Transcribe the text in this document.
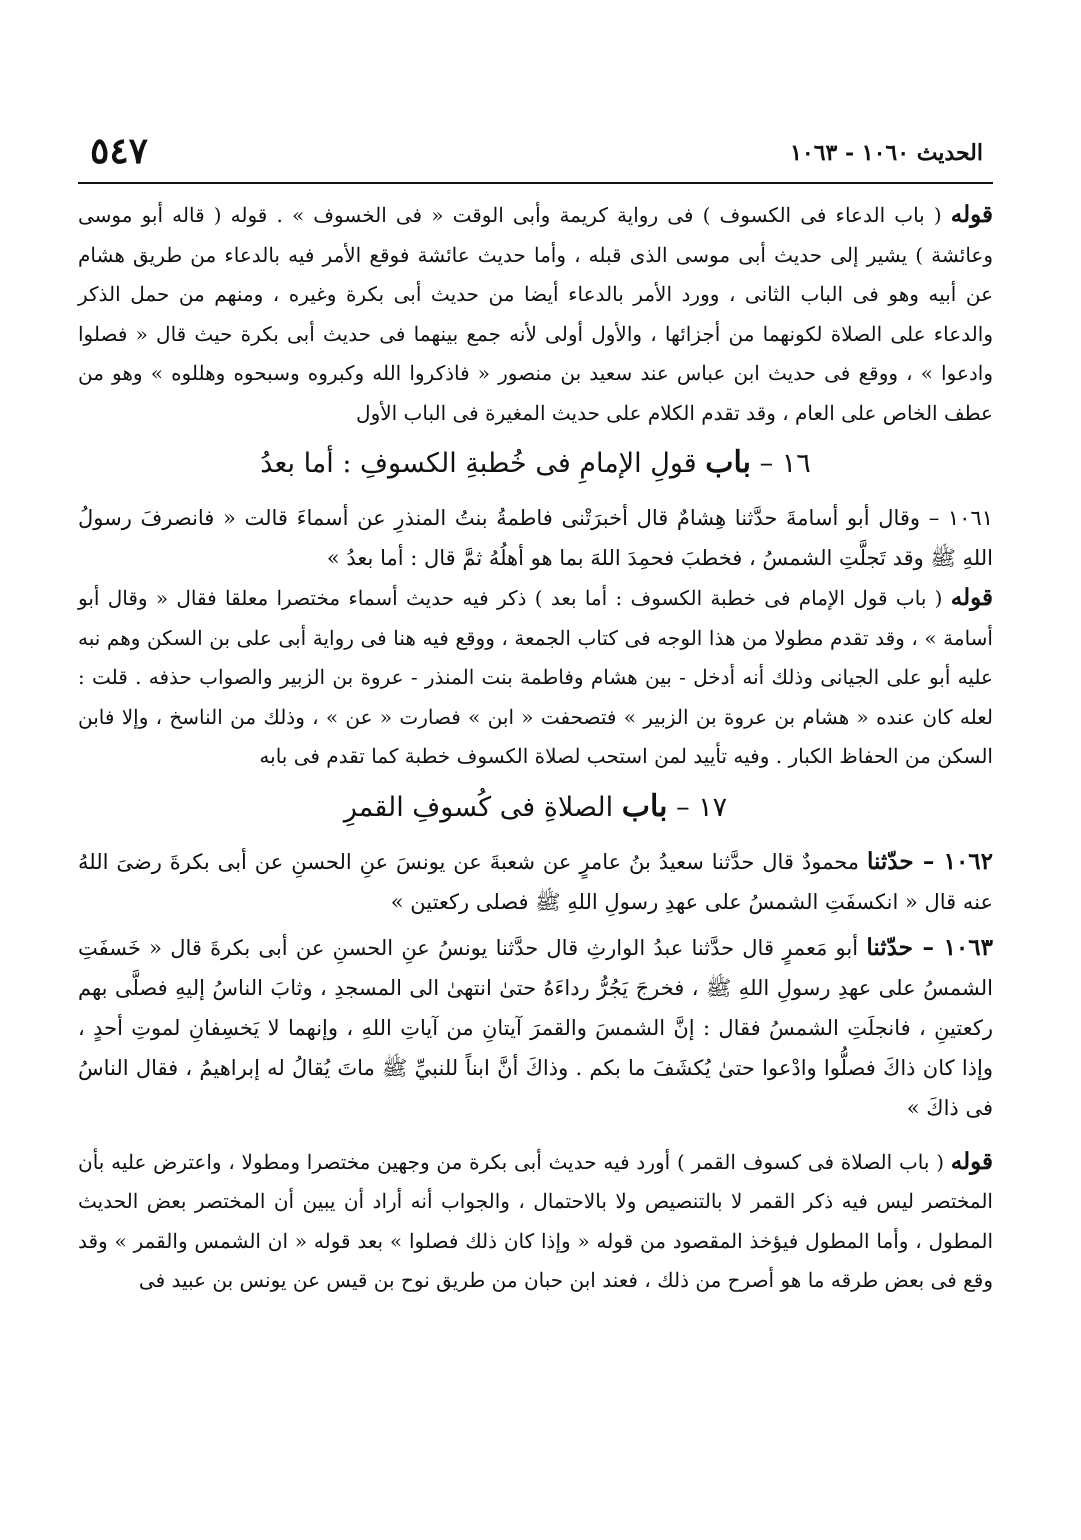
الحديث ١٠٦٠ - ١٠٦٣
٥٤٧

قوله ( باب الدعاء فى الكسوف ) فى رواية كريمة وأبى الوقت « فى الخسوف » . قوله ( قاله أبو موسى وعائشة ) يشير إلى حديث أبى موسى الذى قبله ، وأما حديث عائشة فوقع الأمر فيه بالدعاء من طريق هشام عن أبيه وهو فى الباب الثانى ، وورد الأمر بالدعاء أيضا من حديث أبى بكرة وغيره ، ومنهم من حمل الذكر والدعاء على الصلاة لكونهما من أجزائها ، والأول أولى لأنه جمع بينهما فى حديث أبى بكرة حيث قال « فصلوا وادعوا » ، ووقع فى حديث ابن عباس عند سعيد بن منصور « فاذكروا الله وكبروه وسبحوه وهللوه » وهو من عطف الخاص على العام ، وقد تقدم الكلام على حديث المغيرة فى الباب الأول

١٦ – باب قولِ الإمامِ فى خُطبةِ الكسوفِ : أما بعدُ

١٠٦١ – وقال أبو أسامةَ حدَّثنا هِشامٌ قال أخبرَتْنى فاطمةُ بنتُ المنذرِ عن أسماءَ قالت « فانصرفَ رسولُ اللهِ ﷺ وقد تَجلَّتِ الشمسُ ، فخطبَ فحمِدَ اللهَ بما هو أهلُهُ ثمَّ قال : أما بعدُ »

قوله ( باب قول الإمام فى خطبة الكسوف : أما بعد ) ذكر فيه حديث أسماء مختصرا معلقا فقال « وقال أبو أسامة » ، وقد تقدم مطولا من هذا الوجه فى كتاب الجمعة ، ووقع فيه هنا فى رواية أبى على بن السكن وهم نبه عليه أبو على الجيانى وذلك أنه أدخل - بين هشام وفاطمة بنت المنذر - عروة بن الزبير والصواب حذفه . قلت : لعله كان عنده « هشام بن عروة بن الزبير » فتصحفت « ابن » فصارت « عن » ، وذلك من الناسخ ، وإلا فابن السكن من الحفاظ الكبار . وفيه تأييد لمن استحب لصلاة الكسوف خطبة كما تقدم فى بابه

١٧ – باب الصلاةِ فى كُسوفِ القمرِ

١٠٦٢ – حدّثنا محمودٌ قال حدَّثنا سعيدُ بنُ عامرٍ عن شعبةَ عن يونسَ عنِ الحسنِ عن أبى بكرةَ رضىَ اللهُ عنه قال « انكسفَتِ الشمسُ على عهدِ رسولِ اللهِ ﷺ فصلى ركعتين »

١٠٦٣ – حدّثنا أبو مَعمرٍ قال حدَّثنا عبدُ الوارثِ قال حدَّثنا يونسُ عنِ الحسنِ عن أبى بكرةَ قال « خَسفَتِ الشمسُ على عهدِ رسولِ اللهِ ﷺ ، فخرجَ يَجُرُّ رداءَهُ حتىٰ انتهىٰ الى المسجدِ ، وثابَ الناسُ إليهِ فصلَّى بهم ركعتينِ ، فانجلَتِ الشمسُ فقال : إنَّ الشمسَ والقمرَ آيتانِ من آياتِ اللهِ ، وإنهما لا يَخسِفانِ لموتِ أحدٍ ، وإذا كان ذاكَ فصلُّوا وادْعوا حتىٰ يُكشَفَ ما بكم . وذاكَ أنَّ ابناً للنبيِّ ﷺ ماتَ يُقالُ له إبراهيمُ ، فقال الناسُ فى ذاكَ »

قوله ( باب الصلاة فى كسوف القمر ) أورد فيه حديث أبى بكرة من وجهين مختصرا ومطولا ، واعترض عليه بأن المختصر ليس فيه ذكر القمر لا بالتنصيص ولا بالاحتمال ، والجواب أنه أراد أن يبين أن المختصر بعض الحديث المطول ، وأما المطول فيؤخذ المقصود من قوله « وإذا كان ذلك فصلوا » بعد قوله « ان الشمس والقمر » وقد وقع فى بعض طرقه ما هو أصرح من ذلك ، فعند ابن حبان من طريق نوح بن قيس عن يونس بن عبيد فى
